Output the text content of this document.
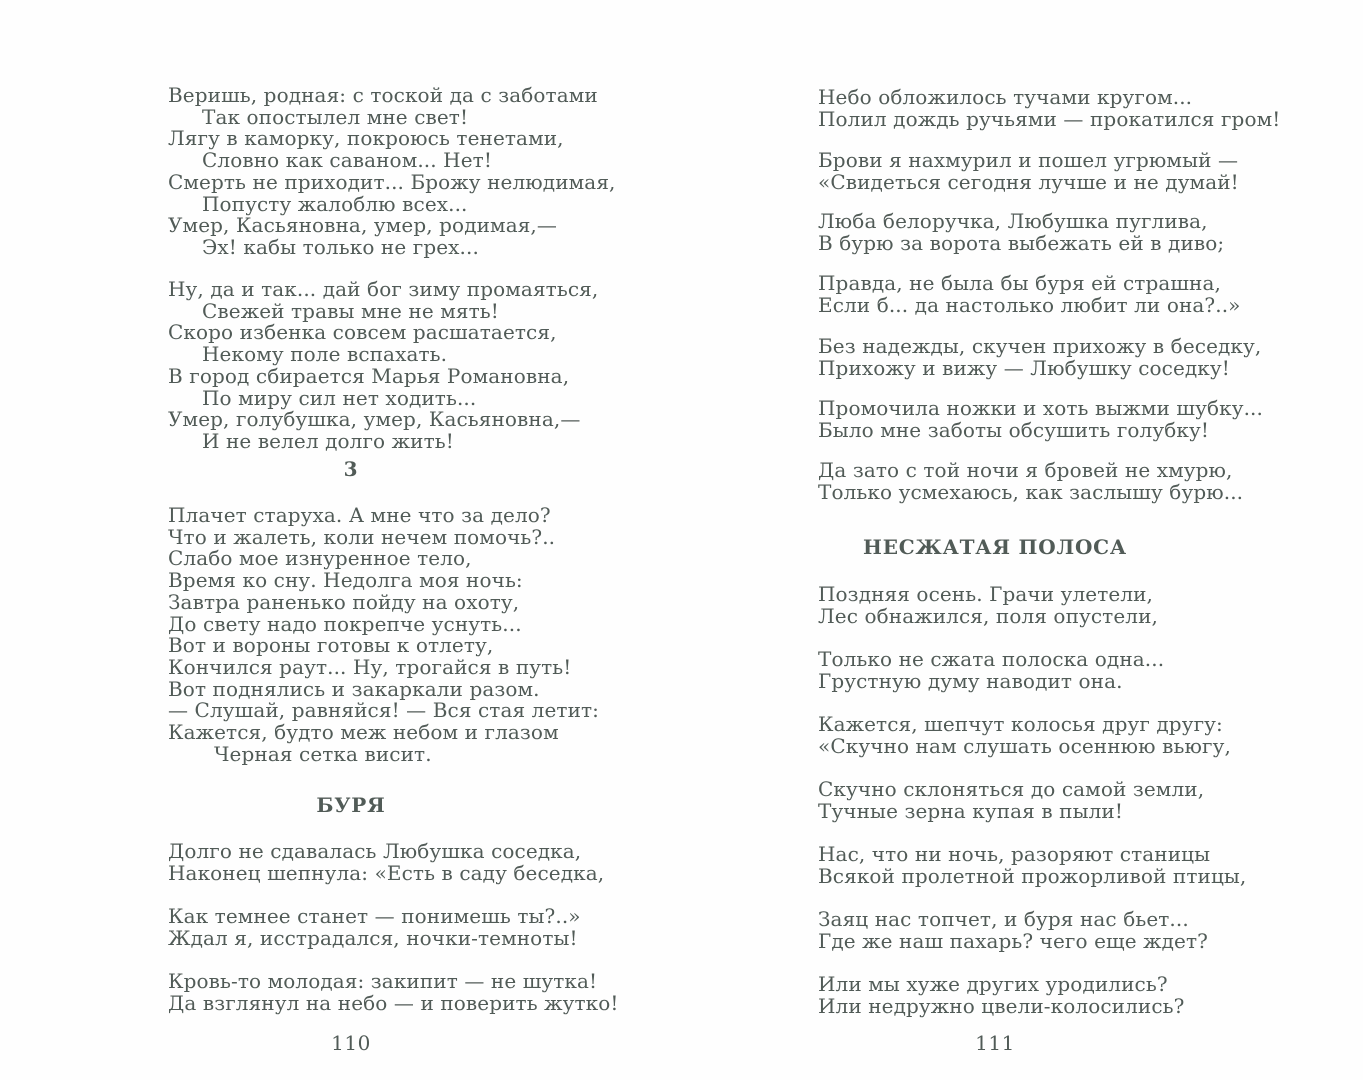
Веришь, родная: с тоской да с заботами
Так опостылел мне свет!
Лягу в каморку, покроюсь тенетами,
Словно как саваном... Нет!
Смерть не приходит... Брожу нелюдимая,
Попусту жалоблю всех...
Умер, Касьяновна, умер, родимая,—
Эх! кабы только не грех...
Ну, да и так... дай бог зиму промаяться,
Свежей травы мне не мять!
Скоро избенка совсем расшатается,
Некому поле вспахать.
В город сбирается Марья Романовна,
По миру сил нет ходить...
Умер, голубушка, умер, Касьяновна,—
И не велел долго жить!
3
Плачет старуха. А мне что за дело?
Что и жалеть, коли нечем помочь?..
Слабо мое изнуренное тело,
Время ко сну. Недолга моя ночь:
Завтра раненько пойду на охоту,
До свету надо покрепче уснуть...
Вот и вороны готовы к отлету,
Кончился раут... Ну, трогайся в путь!
Вот поднялись и закаркали разом.
— Слушай, равняйся! — Вся стая летит:
Кажется, будто меж небом и глазом
Черная сетка висит.
БУРЯ
Долго не сдавалась Любушка соседка,
Наконец шепнула: «Есть в саду беседка,
Как темнее станет — понимешь ты?..»
Ждал я, исстрадался, ночки-темноты!
Кровь-то молодая: закипит — не шутка!
Да взглянул на небо — и поверить жутко!
110
Небо обложилось тучами кругом...
Полил дождь ручьями — прокатился гром!
Брови я нахмурил и пошел угрюмый —
«Свидеться сегодня лучше и не думай!
Люба белоручка, Любушка пуглива,
В бурю за ворота выбежать ей в диво;
Правда, не была бы буря ей страшна,
Если б... да настолько любит ли она?..»
Без надежды, скучен прихожу в беседку,
Прихожу и вижу — Любушку соседку!
Промочила ножки и хоть выжми шубку...
Было мне заботы обсушить голубку!
Да зато с той ночи я бровей не хмурю,
Только усмехаюсь, как заслышу бурю...
НЕСЖАТАЯ ПОЛОСА
Поздняя осень. Грачи улетели,
Лес обнажился, поля опустели,
Только не сжата полоска одна...
Грустную думу наводит она.
Кажется, шепчут колосья друг другу:
«Скучно нам слушать осеннюю вьюгу,
Скучно склоняться до самой земли,
Тучные зерна купая в пыли!
Нас, что ни ночь, разоряют станицы
Всякой пролетной прожорливой птицы,
Заяц нас топчет, и буря нас бьет...
Где же наш пахарь? чего еще ждет?
Или мы хуже других уродились?
Или недружно цвели-колосились?
111
